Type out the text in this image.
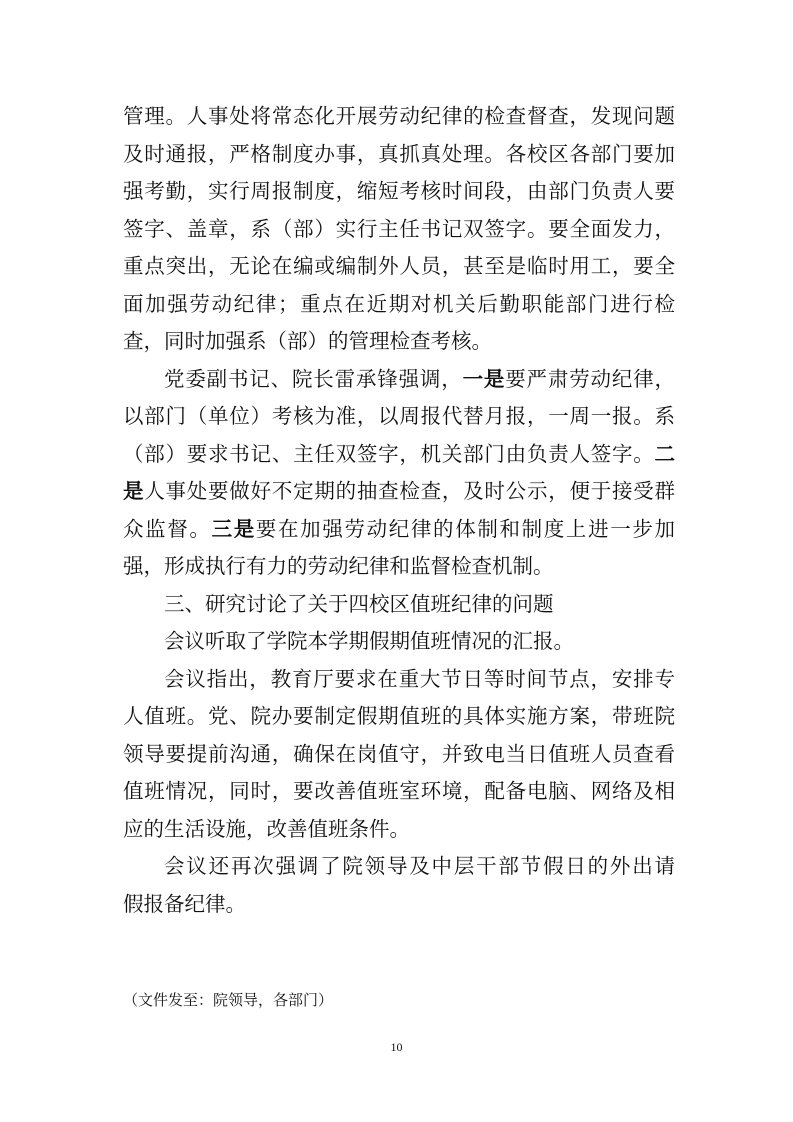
管理。人事处将常态化开展劳动纪律的检查督查，发现问题
及时通报，严格制度办事，真抓真处理。各校区各部门要加
强考勤，实行周报制度，缩短考核时间段，由部门负责人要
签字、盖章，系（部）实行主任书记双签字。要全面发力，
重点突出，无论在编或编制外人员，甚至是临时用工，要全
面加强劳动纪律；重点在近期对机关后勤职能部门进行检
查，同时加强系（部）的管理检查考核。
党委副书记、院长雷承锋强调，一是要严肃劳动纪律，
以部门（单位）考核为准，以周报代替月报，一周一报。系
（部）要求书记、主任双签字，机关部门由负责人签字。二
是人事处要做好不定期的抽查检查，及时公示，便于接受群
众监督。三是要在加强劳动纪律的体制和制度上进一步加
强，形成执行有力的劳动纪律和监督检查机制。
三、研究讨论了关于四校区值班纪律的问题
会议听取了学院本学期假期值班情况的汇报。
会议指出，教育厅要求在重大节日等时间节点，安排专
人值班。党、院办要制定假期值班的具体实施方案，带班院
领导要提前沟通，确保在岗值守，并致电当日值班人员查看
值班情况，同时，要改善值班室环境，配备电脑、网络及相
应的生活设施，改善值班条件。
会议还再次强调了院领导及中层干部节假日的外出请
假报备纪律。
（文件发至：院领导，各部门）
10
